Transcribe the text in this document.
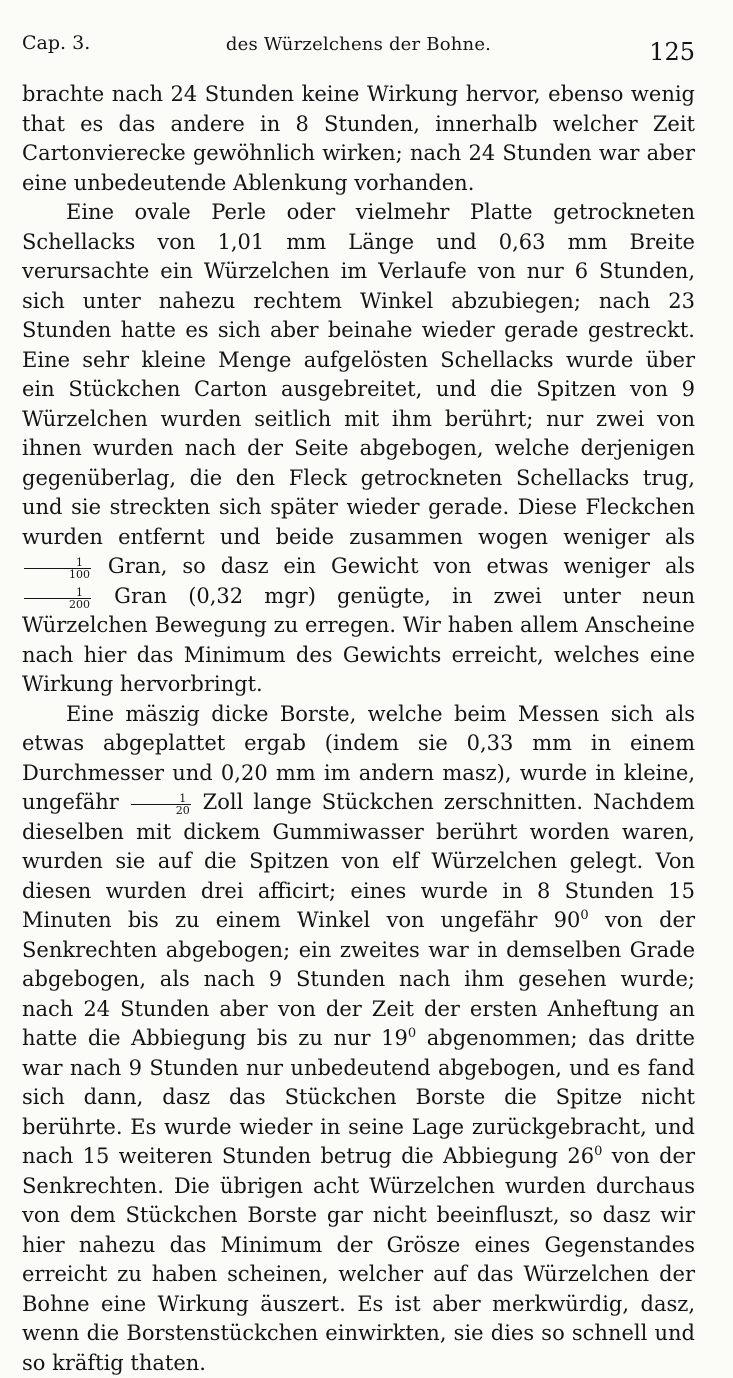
Cap. 3.	des Würzelchens der Bohne.	125

brachte nach 24 Stunden keine Wirkung hervor, ebenso wenig that es das andere in 8 Stunden, innerhalb welcher Zeit Cartonvierecke gewöhnlich wirken; nach 24 Stunden war aber eine unbedeutende Ablenkung vorhanden.

Eine ovale Perle oder vielmehr Platte getrockneten Schellacks von 1,01 mm Länge und 0,63 mm Breite verursachte ein Würzelchen im Verlaufe von nur 6 Stunden, sich unter nahezu rechtem Winkel abzubiegen; nach 23 Stunden hatte es sich aber beinahe wieder gerade gestreckt. Eine sehr kleine Menge aufgelösten Schellacks wurde über ein Stückchen Carton ausgebreitet, und die Spitzen von 9 Würzelchen wurden seitlich mit ihm berührt; nur zwei von ihnen wurden nach der Seite abgebogen, welche derjenigen gegenüberlag, die den Fleck getrockneten Schellacks trug, und sie streckten sich später wieder gerade. Diese Fleckchen wurden entfernt und beide zusammen wogen weniger als
$\frac{1}{100}$ Gran, so dasz ein Gewicht von etwas weniger als
$\frac{1}{200}$ Gran (0,32 mgr) genügte, in zwei unter neun Würzelchen Bewegung zu erregen. Wir haben allem Anscheine nach hier das Minimum des Gewichts erreicht, welches eine Wirkung hervorbringt.

Eine mäszig dicke Borste, welche beim Messen sich als etwas abgeplattet ergab (indem sie 0,33 mm in einem Durchmesser und 0,20 mm im andern masz), wurde in kleine, ungefähr $\frac{1}{20}$ Zoll lange Stückchen zerschnitten. Nachdem dieselben mit dickem Gummiwasser berührt worden waren, wurden sie auf die Spitzen von elf Würzelchen gelegt. Von diesen wurden drei afficirt; eines wurde in 8 Stunden 15 Minuten bis zu einem Winkel von ungefähr $90^0$ von der Senkrechten abgebogen; ein zweites war in demselben Grade abgebogen, als nach 9 Stunden nach ihm gesehen wurde; nach 24 Stunden aber von der Zeit der ersten Anheftung an hatte die Abbiegung bis zu nur $19^0$ abgenommen; das dritte war nach 9 Stunden nur unbedeutend abgebogen, und es fand sich dann, dasz das Stückchen Borste die Spitze nicht berührte. Es wurde wieder in seine Lage zurückgebracht, und nach 15 weiteren Stunden betrug die Abbiegung $26^0$ von der Senkrechten. Die übrigen acht Würzelchen wurden durchaus von dem Stückchen Borste gar nicht beeinfluszt, so dasz wir hier nahezu das Minimum der Grösze eines Gegenstandes erreicht zu haben scheinen, welcher auf das Würzelchen der Bohne eine Wirkung äuszert. Es ist aber merkwürdig, dasz, wenn die Borstenstückchen einwirkten, sie dies so schnell und so kräftig thaten.
